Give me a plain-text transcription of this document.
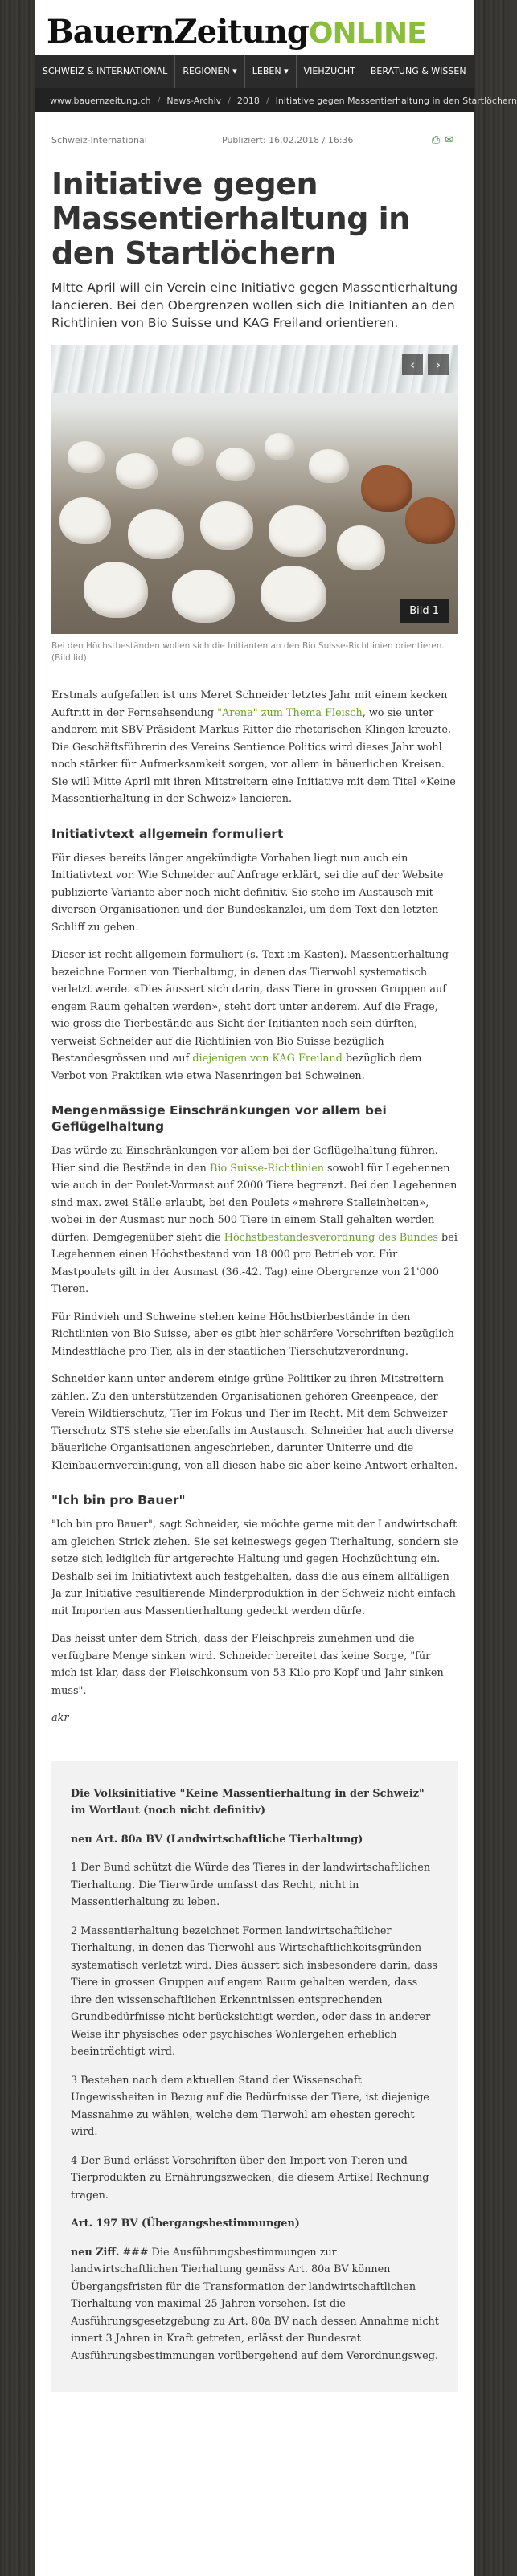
BauernZeitungONLINE
SCHWEIZ & INTERNATIONAL	REGIONEN ▾	LEBEN ▾	VIEHZUCHT	BERATUNG & WISSEN
www.bauernzeitung.ch / News-Archiv / 2018 / Initiative gegen Massentierhaltung in den Startlöchern
Schweiz-International	Publiziert: 16.02.2018 / 16:36	⎙✉
Initiative gegen Massentierhaltung in den Startlöchern

Mitte April will ein Verein eine Initiative gegen Massentierhaltung lancieren. Bei den Obergrenzen wollen sich die Initianten an den Richtlinien von Bio Suisse und KAG Freiland orientieren.

‹	›
Bild 1

Bei den Höchstbeständen wollen sich die Initianten an den Bio Suisse-Richtlinien orientieren. (Bild lid)

Erstmals aufgefallen ist uns Meret Schneider letztes Jahr mit einem kecken Auftritt in der Fernsehsendung "Arena" zum Thema Fleisch, wo sie unter anderem mit SBV-Präsident Markus Ritter die rhetorischen Klingen kreuzte. Die Geschäftsführerin des Vereins Sentience Politics wird dieses Jahr wohl noch stärker für Aufmerksamkeit sorgen, vor allem in bäuerlichen Kreisen. Sie will Mitte April mit ihren Mitstreitern eine Initiative mit dem Titel «Keine Massentierhaltung in der Schweiz» lancieren.

Initiativtext allgemein formuliert

Für dieses bereits länger angekündigte Vorhaben liegt nun auch ein Initiativtext vor. Wie Schneider auf Anfrage erklärt, sei die auf der Website publizierte Variante aber noch nicht definitiv. Sie stehe im Austausch mit diversen Organisationen und der Bundeskanzlei, um dem Text den letzten Schliff zu geben.

Dieser ist recht allgemein formuliert (s. Text im Kasten). Massentierhaltung bezeichne Formen von Tierhaltung, in denen das Tierwohl systematisch verletzt werde. «Dies äussert sich darin, dass Tiere in grossen Gruppen auf engem Raum gehalten werden», steht dort unter anderem. Auf die Frage, wie gross die Tierbestände aus Sicht der Initianten noch sein dürften, verweist Schneider auf die Richtlinien von Bio Suisse bezüglich Bestandesgrössen und auf diejenigen von KAG Freiland bezüglich dem Verbot von Praktiken wie etwa Nasenringen bei Schweinen.

Mengenmässige Einschränkungen vor allem bei Geflügelhaltung

Das würde zu Einschränkungen vor allem bei der Geflügelhaltung führen. Hier sind die Bestände in den Bio Suisse-Richtlinien sowohl für Legehennen wie auch in der Poulet-Vormast auf 2000 Tiere begrenzt. Bei den Legehennen sind max. zwei Ställe erlaubt, bei den Poulets «mehrere Stalleinheiten», wobei in der Ausmast nur noch 500 Tiere in einem Stall gehalten werden dürfen. Demgegenüber sieht die Höchstbestandesverordnung des Bundes bei Legehennen einen Höchstbestand von 18'000 pro Betrieb vor. Für Mastpoulets gilt in der Ausmast (36.-42. Tag) eine Obergrenze von 21'000 Tieren.

Für Rindvieh und Schweine stehen keine Höchstbierbestände in den Richtlinien von Bio Suisse, aber es gibt hier schärfere Vorschriften bezüglich Mindestfläche pro Tier, als in der staatlichen Tierschutzverordnung.

Schneider kann unter anderem einige grüne Politiker zu ihren Mitstreitern zählen. Zu den unterstützenden Organisationen gehören Greenpeace, der Verein Wildtierschutz, Tier im Fokus und Tier im Recht. Mit dem Schweizer Tierschutz STS stehe sie ebenfalls im Austausch. Schneider hat auch diverse bäuerliche Organisationen angeschrieben, darunter Uniterre und die Kleinbauernvereinigung, von all diesen habe sie aber keine Antwort erhalten.

"Ich bin pro Bauer"

"Ich bin pro Bauer", sagt Schneider, sie möchte gerne mit der Landwirtschaft am gleichen Strick ziehen. Sie sei keineswegs gegen Tierhaltung, sondern sie setze sich lediglich für artgerechte Haltung und gegen Hochzüchtung ein. Deshalb sei im Initiativtext auch festgehalten, dass die aus einem allfälligen Ja zur Initiative resultierende Minderproduktion in der Schweiz nicht einfach mit Importen aus Massentierhaltung gedeckt werden dürfe.

Das heisst unter dem Strich, dass der Fleischpreis zunehmen und die verfügbare Menge sinken wird. Schneider bereitet das keine Sorge, "für mich ist klar, dass der Fleischkonsum von 53 Kilo pro Kopf und Jahr sinken muss".

akr

Die Volksinitiative "Keine Massentierhaltung in der Schweiz" im Wortlaut (noch nicht definitiv)

neu Art. 80a BV (Landwirtschaftliche Tierhaltung)

1 Der Bund schützt die Würde des Tieres in der landwirtschaftlichen Tierhaltung. Die Tierwürde umfasst das Recht, nicht in Massentierhaltung zu leben.

2 Massentierhaltung bezeichnet Formen landwirtschaftlicher Tierhaltung, in denen das Tierwohl aus Wirtschaftlichkeitsgründen systematisch verletzt wird. Dies äussert sich insbesondere darin, dass Tiere in grossen Gruppen auf engem Raum gehalten werden, dass ihre den wissenschaftlichen Erkenntnissen entsprechenden Grundbedürfnisse nicht berücksichtigt werden, oder dass in anderer Weise ihr physisches oder psychisches Wohlergehen erheblich beeinträchtigt wird.

3 Bestehen nach dem aktuellen Stand der Wissenschaft Ungewissheiten in Bezug auf die Bedürfnisse der Tiere, ist diejenige Massnahme zu wählen, welche dem Tierwohl am ehesten gerecht wird.

4 Der Bund erlässt Vorschriften über den Import von Tieren und Tierprodukten zu Ernährungszwecken, die diesem Artikel Rechnung tragen.

Art. 197 BV (Übergangsbestimmungen)

neu Ziff. ### Die Ausführungsbestimmungen zur landwirtschaftlichen Tierhaltung gemäss Art. 80a BV können Übergangsfristen für die Transformation der landwirtschaftlichen Tierhaltung von maximal 25 Jahren vorsehen. Ist die Ausführungsgesetzgebung zu Art. 80a BV nach dessen Annahme nicht innert 3 Jahren in Kraft getreten, erlässt der Bundesrat Ausführungsbestimmungen vorübergehend auf dem Verordnungsweg.
